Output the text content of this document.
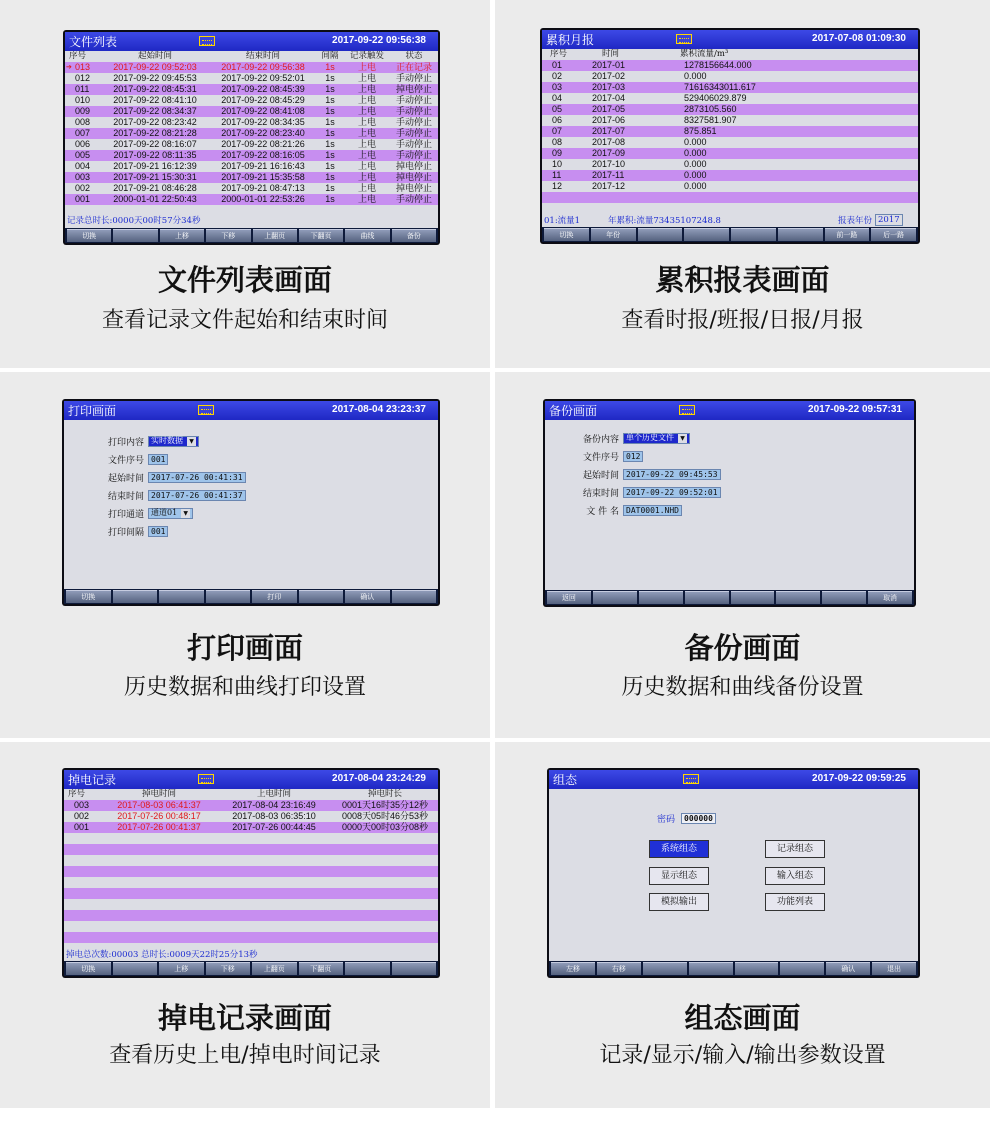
文件列表	2017-09-22 09:56:38
序号	起始时间	结束时间	间隔	记录触发	状态
➔ 013	2017-09-22 09:52:03	2017-09-22 09:56:38	1s	上电	正在记录
012	2017-09-22 09:45:53	2017-09-22 09:52:01	1s	上电	手动停止
011	2017-09-22 08:45:31	2017-09-22 08:45:39	1s	上电	掉电停止
010	2017-09-22 08:41:10	2017-09-22 08:45:29	1s	上电	手动停止
009	2017-09-22 08:34:37	2017-09-22 08:41:08	1s	上电	手动停止
008	2017-09-22 08:23:42	2017-09-22 08:34:35	1s	上电	手动停止
007	2017-09-22 08:21:28	2017-09-22 08:23:40	1s	上电	手动停止
006	2017-09-22 08:16:07	2017-09-22 08:21:26	1s	上电	手动停止
005	2017-09-22 08:11:35	2017-09-22 08:16:05	1s	上电	手动停止
004	2017-09-21 16:12:39	2017-09-21 16:16:43	1s	上电	掉电停止
003	2017-09-21 15:30:31	2017-09-21 15:35:58	1s	上电	掉电停止
002	2017-09-21 08:46:28	2017-09-21 08:47:13	1s	上电	掉电停止
001	2000-01-01 22:50:43	2000-01-01 22:53:26	1s	上电	手动停止
记录总时长:0000天00时57分34秒
切换	上移	下移	上翻页	下翻页	曲线	备份
文件列表画面
查看记录文件起始和结束时间
累积月报	2017-07-08 01:09:30
序号	时间	累积流量/m³
01	2017-01	1278156644.000
02	2017-02	0.000
03	2017-03	71616343011.617
04	2017-04	529406029.879
05	2017-05	2873105.560
06	2017-06	8327581.907
07	2017-07	875.851
08	2017-08	0.000
09	2017-09	0.000
10	2017-10	0.000
11	2017-11	0.000
12	2017-12	0.000
01:流量1	年累积:流量73435107248.8	报表年份 2017
切换	年份	前一路	后一路
累积报表画面
查看时报/班报/日报/月报
打印画面	2017-08-04 23:23:37
打印内容 实时数据	▼
文件序号 001
起始时间 2017-07-26 00:41:31
结束时间 2017-07-26 00:41:37
打印通道 通道01	▼
打印间隔 001
切换	打印	确认
打印画面
历史数据和曲线打印设置
备份画面	2017-09-22 09:57:31
备份内容 单个历史文件	▼
文件序号 012
起始时间 2017-09-22 09:45:53
结束时间 2017-09-22 09:52:01
文 件 名 DAT0001.NHD
返回	取消
备份画面
历史数据和曲线备份设置
掉电记录	2017-08-04 23:24:29
序号	掉电时间	上电时间	掉电时长
003	2017-08-03 06:41:37	2017-08-04 23:16:49	0001天16时35分12秒
002	2017-07-26 00:48:17	2017-08-03 06:35:10	0008天05时46分53秒
001	2017-07-26 00:41:37	2017-07-26 00:44:45	0000天00时03分08秒
掉电总次数:00003 总时长:0009天22时25分13秒
切换	上移	下移	上翻页	下翻页
掉电记录画面
查看历史上电/掉电时间记录
组态	2017-09-22 09:59:25
密码	000000
系统组态	记录组态
显示组态	输入组态
模拟输出	功能列表
左移	右移	确认	退出
组态画面
记录/显示/输入/输出参数设置
